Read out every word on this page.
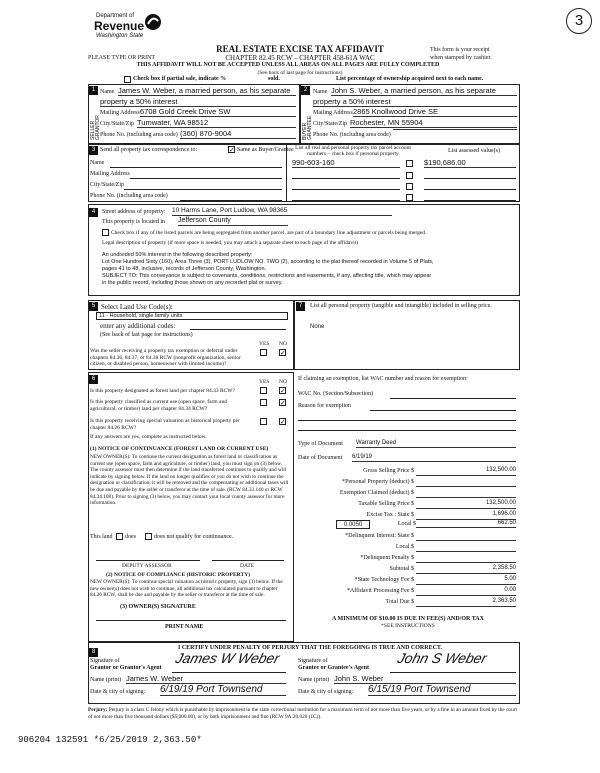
3
Department of
Revenue
Washington State
REAL ESTATE EXCISE TAX AFFIDAVIT
CHAPTER 82.45 RCW – CHAPTER 458-61A WAC
PLEASE TYPE OR PRINT
THIS AFFIDAVIT WILL NOT BE ACCEPTED UNLESS ALL AREAS ON ALL PAGES ARE FULLY COMPLETED
This form is your receipt
when stamped by cashier.
(See back of last page for instructions)
Check box if partial sale, indicate %	sold.	List percentage of ownership acquired next to each name.
1	2
SELLER GRANTOR	BUYER GRANTEE
Name James W. Weber, a married person, as his separate
property a 50% interest
Mailing Address 6708 Gold Creek Drive SW
City/State/Zip Tumwater, WA 98512
Phone No. (including area code) (360) 870-9004
Name John S. Weber, a married person, as his separate
property a 50% interest
Mailing Address 2865 Knollwood Drive SE
City/State/Zip Rochester, MN 55904
Phone No. (including area code)
3 Send all property tax correspondence to:	✓ Same as Buyer/Grantee
Name
Mailing Address
City/State/Zip
Phone No. (including area code)
List all real and personal property tax parcel account
numbers – check box if personal property	List assessed value(s)
990-603-160	$190,686.00
4	Street address of property: 10 Harms Lane, Port Ludlow, WA 98365
This property is located in Jefferson County
Check box if any of the listed parcels are being segregated from another parcel, are part of a boundary line adjustment or parcels being merged.
Legal description of property (if more space is needed, you may attach a separate sheet to each page of the affidavit)
An undivided 50% interest in the following described property:
Lot One Hundred Sixty (160), Area Three (3), PORT LUDLOW NO. TWO (2), according to the plat thereof recorded in Volume 5 of Plats,
pages 41 to 48, inclusive, records of Jefferson County, Washington.
SUBJECT TO: This conveyance is subject to covenants, conditions, restrictions and easements, if any, affecting title, which may appear
in the public record, including those shown on any recorded plat or survey.
5 Select Land Use Code(s):
11 - Household, single family units
enter any additional codes:
(See back of last page for instructions)
YES NO
Was the seller receiving a property tax exemption or deferral under chapters 84.36, 84.37, or 84.38 RCW (nonprofit organization, senior citizen, or disabled person, homeowner with limited income)?
✓
7	List all personal property (tangible and intangible) included in selling price.
None
6	YES NO
Is this property designated as forest land per chapter 84.33 RCW?	✓
Is this property classified as current use (open space, farm and agricultural, or timber) land per chapter 84.34 RCW?
✓
Is this property receiving special valuation as historical property per chapter 84.26 RCW?
✓
If any answers are yes, complete as instructed below.
(1) NOTICE OF CONTINUANCE (FOREST LAND OR CURRENT USE)
NEW OWNER(S): To continue the current designation as forest land or classification as current use (open space, farm and agriculture, or timber) land, you must sign on (3) below. The county assessor must then determine if the land transferred continues to qualify and will indicate by signing below. If the land no longer qualifies or you do not wish to continue the designation or classification, it will be removed and the compensating or additional taxes will be due and payable by the seller or transferor at the time of sale. (RCW 84.33.140 or RCW 84.34.108). Prior to signing (3) below, you may contact your local county assessor for more information.
This land does	does not qualify for continuance.
DEPUTY ASSESSOR	DATE
(2) NOTICE OF COMPLIANCE (HISTORIC PROPERTY)
NEW OWNER(S): To continue special valuation as historic property, sign (3) below. If the new owner(s) does not wish to continue, all additional tax calculated pursuant to chapter 84.26 RCW, shall be due and payable by the seller or transferor at the time of sale.
(3) OWNER(S) SIGNATURE
PRINT NAME
If claiming an exemption, list WAC number and reason for exemption:
WAC No. (Section/Subsection)
Reason for exemption
Type of Document Warranty Deed
Date of Document 6/19/19
Gross Selling Price $	132,500.00
*Personal Property (deduct) $
Exemption Claimed (deduct) $
Taxable Selling Price $	132,500.00
Excise Tax : State $	1,696.00
0.0050	Local $	662.50
*Delinquent Interest: State $
Local $
*Delinquent Penalty $
Subtotal $	2,358.50
*State Technology Fee $	5.00
*Affidavit Processing Fee $	0.00
Total Due $	2,363.50
A MINIMUM OF $10.00 IS DUE IN FEE(S) AND/OR TAX
*SEE INSTRUCTIONS
8
I CERTIFY UNDER PENALTY OF PERJURY THAT THE FOREGOING IS TRUE AND CORRECT.
Signature of
Grantor or Grantor's Agent
James W Weber
Name (print) James W. Weber
Date & city of signing: 6/19/19 Port Townsend
Signature of
Grantee or Grantee's Agent
John S Weber
Name (print) John S. Weber
Date & city of signing: 6/15/19 Port Townsend
Perjury: Perjury is a class C felony which is punishable by imprisonment in the state correctional institution for a maximum term of not more than five years, or by a fine in an amount fixed by the court of not more than five thousand dollars ($5,000.00), or by both imprisonment and fine (RCW 9A.20.020 (1C)).
906204 132591 *6/25/2019 2,363.50*
